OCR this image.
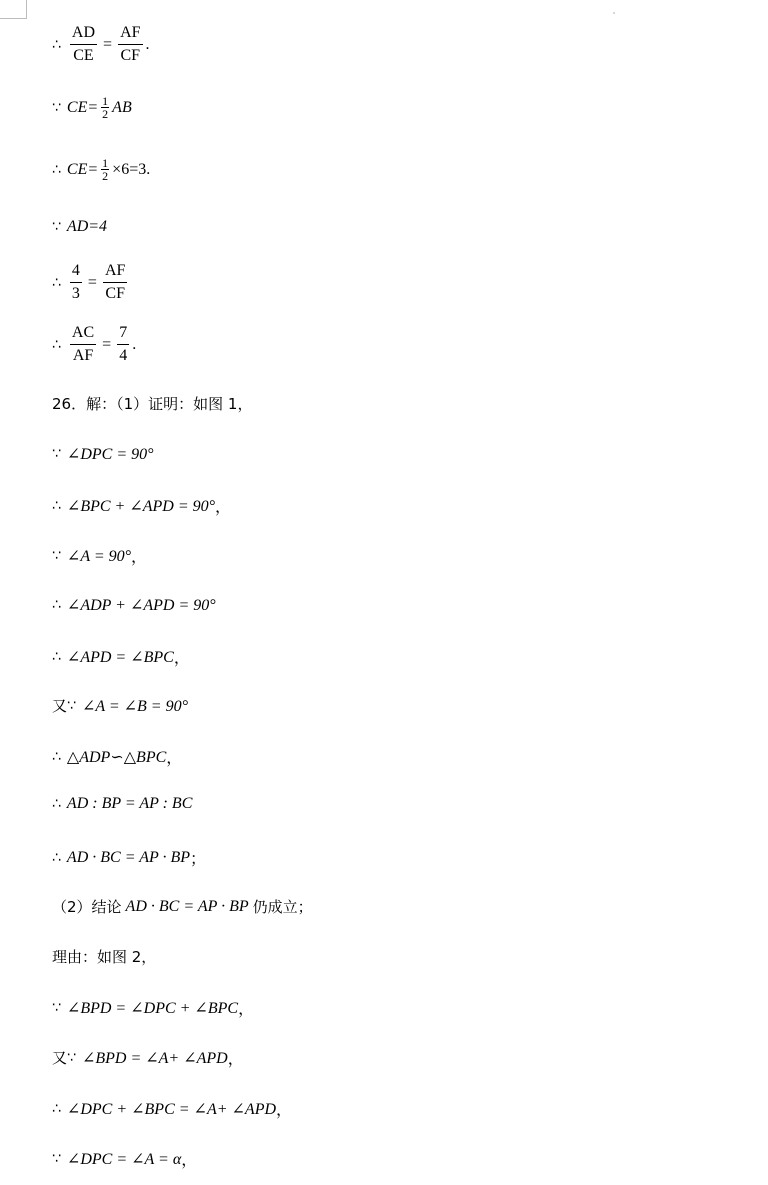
∴ $\frac{AD}{CE} = \frac{AF}{CF}$ .
∵ $CE= \frac{1}{2}$ AB
∴ $CE= \frac{1}{2} \times 6=3$.
∵ AD=4
∴ $\frac{4}{3} = \frac{AF}{CF}$
∴ $\frac{AC}{AF} = \frac{7}{4}$ .
26．解：（1）证明：如图 1，
∵ ∠DPC = 90°
∴ ∠BPC + ∠APD = 90° ，
∵ ∠A = 90° ，
∴ ∠ADP + ∠APD = 90°
∴ ∠APD = ∠BPC ，
又 ∵ ∠A = ∠B = 90°
∴ △ADP∽△BPC ，
∴ AD : BP = AP : BC
∴ AD · BC = AP · BP ；
（2）结论 AD · BC = AP · BP 仍成立；
理由：如图 2，
∵ ∠BPD = ∠DPC + ∠BPC ，
又 ∵ ∠BPD = ∠A+ ∠APD ，
∴ ∠DPC + ∠BPC = ∠A+ ∠APD ，
∵ ∠DPC = ∠A = α ，
